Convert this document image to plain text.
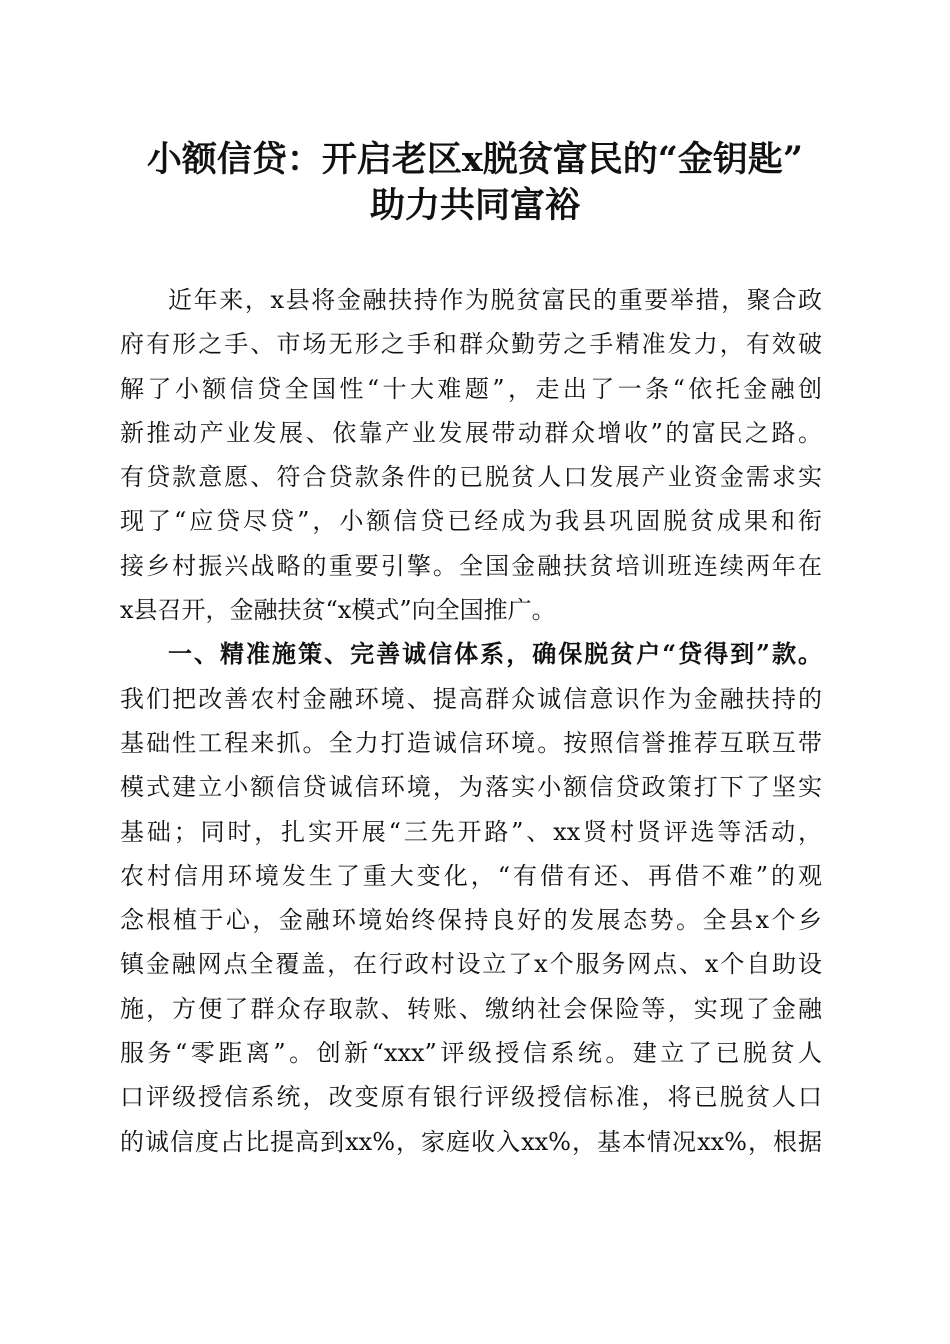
小额信贷：开启老区x脱贫富民的“金钥匙”
助力共同富裕
近年来，x县将金融扶持作为脱贫富民的重要举措，聚合政
府有形之手、市场无形之手和群众勤劳之手精准发力，有效破
解了小额信贷全国性“十大难题”，走出了一条“依托金融创
新推动产业发展、依靠产业发展带动群众增收”的富民之路。
有贷款意愿、符合贷款条件的已脱贫人口发展产业资金需求实
现了“应贷尽贷”，小额信贷已经成为我县巩固脱贫成果和衔
接乡村振兴战略的重要引擎。全国金融扶贫培训班连续两年在
x县召开，金融扶贫“x模式”向全国推广。
一、精准施策、完善诚信体系，确保脱贫户“贷得到”款。
我们把改善农村金融环境、提高群众诚信意识作为金融扶持的
基础性工程来抓。全力打造诚信环境。按照信誉推荐互联互带
模式建立小额信贷诚信环境，为落实小额信贷政策打下了坚实
基础；同时，扎实开展“三先开路”、xx贤村贤评选等活动，
农村信用环境发生了重大变化，“有借有还、再借不难”的观
念根植于心，金融环境始终保持良好的发展态势。全县x个乡
镇金融网点全覆盖，在行政村设立了x个服务网点、x个自助设
施，方便了群众存取款、转账、缴纳社会保险等，实现了金融
服务“零距离”。创新“xxx”评级授信系统。建立了已脱贫人
口评级授信系统，改变原有银行评级授信标准，将已脱贫人口
的诚信度占比提高到xx%，家庭收入xx%，基本情况xx%，根据
